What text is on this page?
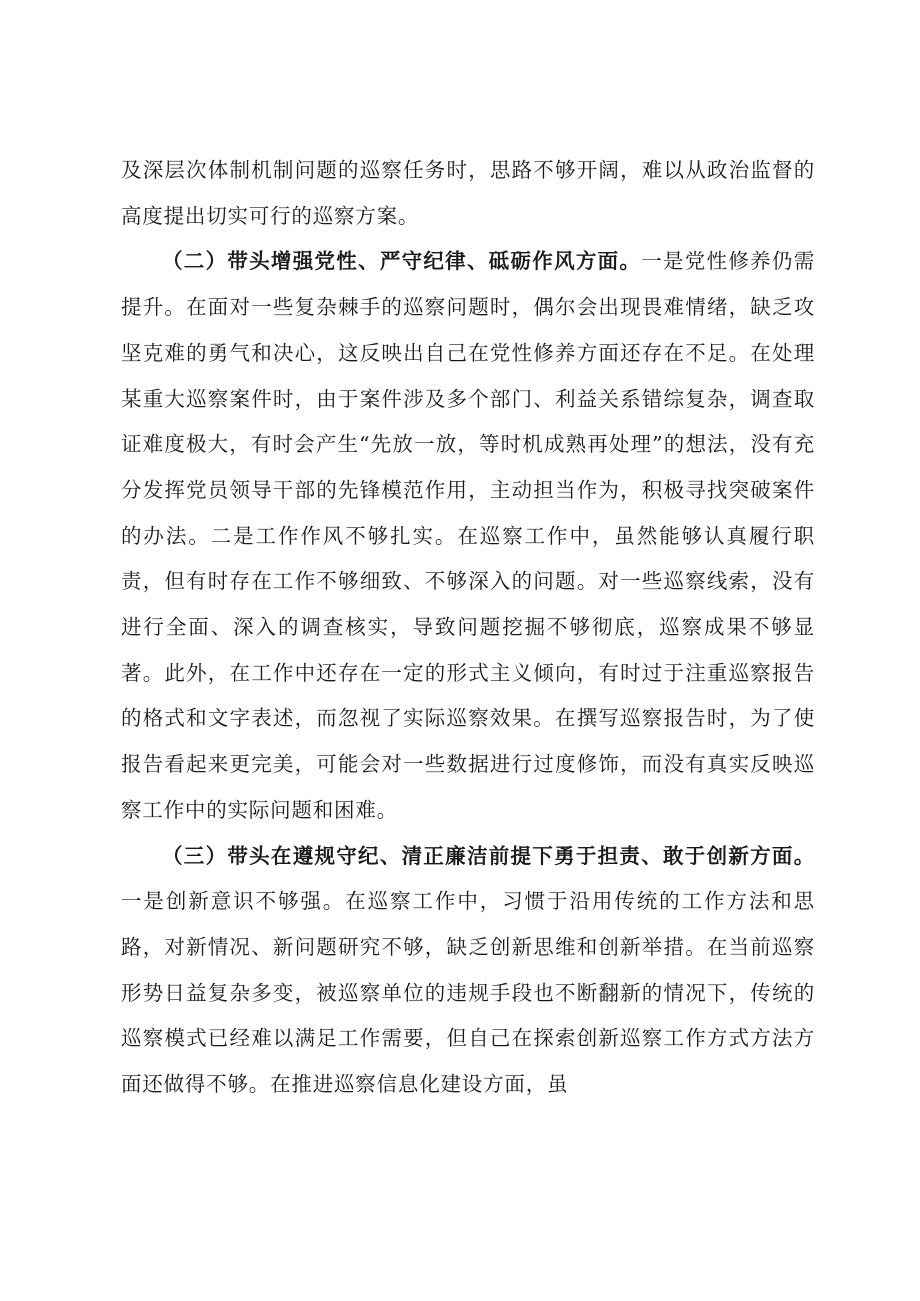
及深层次体制机制问题的巡察任务时，思路不够开阔，难以从政治监督的高度提出切实可行的巡察方案。

（二）带头增强党性、严守纪律、砥砺作风方面。一是党性修养仍需提升。在面对一些复杂棘手的巡察问题时，偶尔会出现畏难情绪，缺乏攻坚克难的勇气和决心，这反映出自己在党性修养方面还存在不足。在处理某重大巡察案件时，由于案件涉及多个部门、利益关系错综复杂，调查取证难度极大，有时会产生“先放一放，等时机成熟再处理”的想法，没有充分发挥党员领导干部的先锋模范作用，主动担当作为，积极寻找突破案件的办法。二是工作作风不够扎实。在巡察工作中，虽然能够认真履行职责，但有时存在工作不够细致、不够深入的问题。对一些巡察线索，没有进行全面、深入的调查核实，导致问题挖掘不够彻底，巡察成果不够显著。此外，在工作中还存在一定的形式主义倾向，有时过于注重巡察报告的格式和文字表述，而忽视了实际巡察效果。在撰写巡察报告时，为了使报告看起来更完美，可能会对一些数据进行过度修饰，而没有真实反映巡察工作中的实际问题和困难。

（三）带头在遵规守纪、清正廉洁前提下勇于担责、敢于创新方面。一是创新意识不够强。在巡察工作中，习惯于沿用传统的工作方法和思路，对新情况、新问题研究不够，缺乏创新思维和创新举措。在当前巡察形势日益复杂多变，被巡察单位的违规手段也不断翻新的情况下，传统的巡察模式已经难以满足工作需要，但自己在探索创新巡察工作方式方法方面还做得不够。在推进巡察信息化建设方面，虽
